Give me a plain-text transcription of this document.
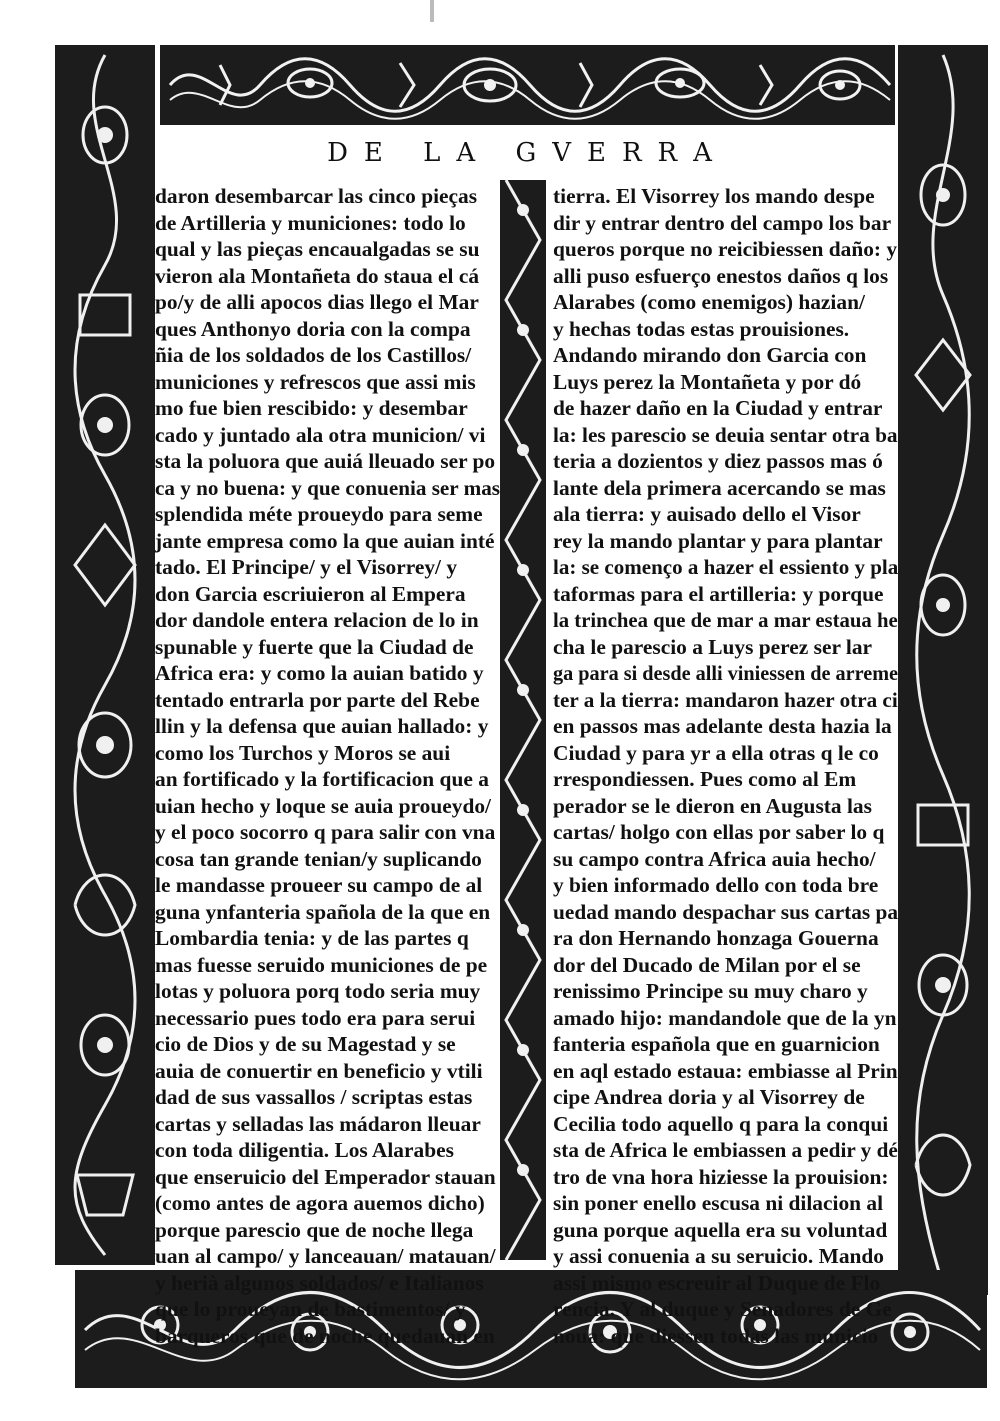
DE LA GVERRA
daron desembarcar las cinco pieças
de Artilleria y municiones: todo lo
qual y las pieças encaualgadas se su
vieron ala Montañeta do staua el cá
po/y de alli apocos dias llego el Mar
ques Anthonyo doria con la compa
ñia de los soldados de los Castillos/
municiones y refrescos que assi mis
mo fue bien rescibido: y desembar
cado y juntado ala otra municion/ vi
sta la poluora que auiá lleuado ser po
ca y no buena: y que conuenia ser mas
splendida méte proueydo para seme
jante empresa como la que auian inté
tado. El Principe/ y el Visorrey/ y
don Garcia escriuieron al Empera
dor dandole entera relacion de lo in
spunable y fuerte que la Ciudad de
Africa era: y como la auian batido y
tentado entrarla por parte del Rebe
llin y la defensa que auian hallado: y
como los Turchos y Moros se aui
an fortificado y la fortificacion que a
uian hecho y loque se auia proueydo/
y el poco socorro q para salir con vna
cosa tan grande tenian/y suplicando
le mandasse proueer su campo de al
guna ynfanteria spañola de la que en
Lombardia tenia: y de las partes q
mas fuesse seruido municiones de pe
lotas y poluora porq todo seria muy
necessario pues todo era para serui
cio de Dios y de su Magestad y se
auia de conuertir en beneficio y vtili
dad de sus vassallos / scriptas estas
cartas y selladas las mádaron lleuar
con toda diligentia. Los Alarabes
que enseruicio del Emperador stauan
(como antes de agora auemos dicho)
porque parescio que de noche llega
uan al campo/ y lanceauan/ matauan/
y herià algunos soldados/ e Italianos
que lo proueyan de bastimentos/ y
barqueros que de noche quedauan en
tierra. El Visorrey los mando despe
dir y entrar dentro del campo los bar
queros porque no reicibiessen daño: y
alli puso esfuerço enestos daños q los
Alarabes (como enemigos) hazian/
y hechas todas estas prouisiones.
Andando mirando don Garcia con
Luys perez la Montañeta y por dó
de hazer daño en la Ciudad y entrar
la: les parescio se deuia sentar otra ba
teria a dozientos y diez passos mas ó
lante dela primera acercando se mas
ala tierra: y auisado dello el Visor
rey la mando plantar y para plantar
la: se començo a hazer el essiento y pla
taformas para el artilleria: y porque
la trinchea que de mar a mar estaua he
cha le parescio a Luys perez ser lar
ga para si desde alli viniessen de arreme
ter a la tierra: mandaron hazer otra ci
en passos mas adelante desta hazia la
Ciudad y para yr a ella otras q le co
rrespondiessen. Pues como al Em
perador se le dieron en Augusta las
cartas/ holgo con ellas por saber lo q
su campo contra Africa auia hecho/
y bien informado dello con toda bre
uedad mando despachar sus cartas pa
ra don Hernando honzaga Gouerna
dor del Ducado de Milan por el se
renissimo Principe su muy charo y
amado hijo: mandandole que de la yn
fanteria española que en guarnicion
en aql estado estaua: embiasse al Prin
cipe Andrea doria y al Visorrey de
Cecilia todo aquello q para la conqui
sta de Africa le embiassen a pedir y dé
tro de vna hora hiziesse la prouision:
sin poner enello escusa ni dilacion al
guna porque aquella era su voluntad
y assi conuenia a su seruicio. Mando
assi mismo escreuir al Duque de Flo
rencia. Y al duque y Senadores de Ge
noua: que diessen todas las municio
